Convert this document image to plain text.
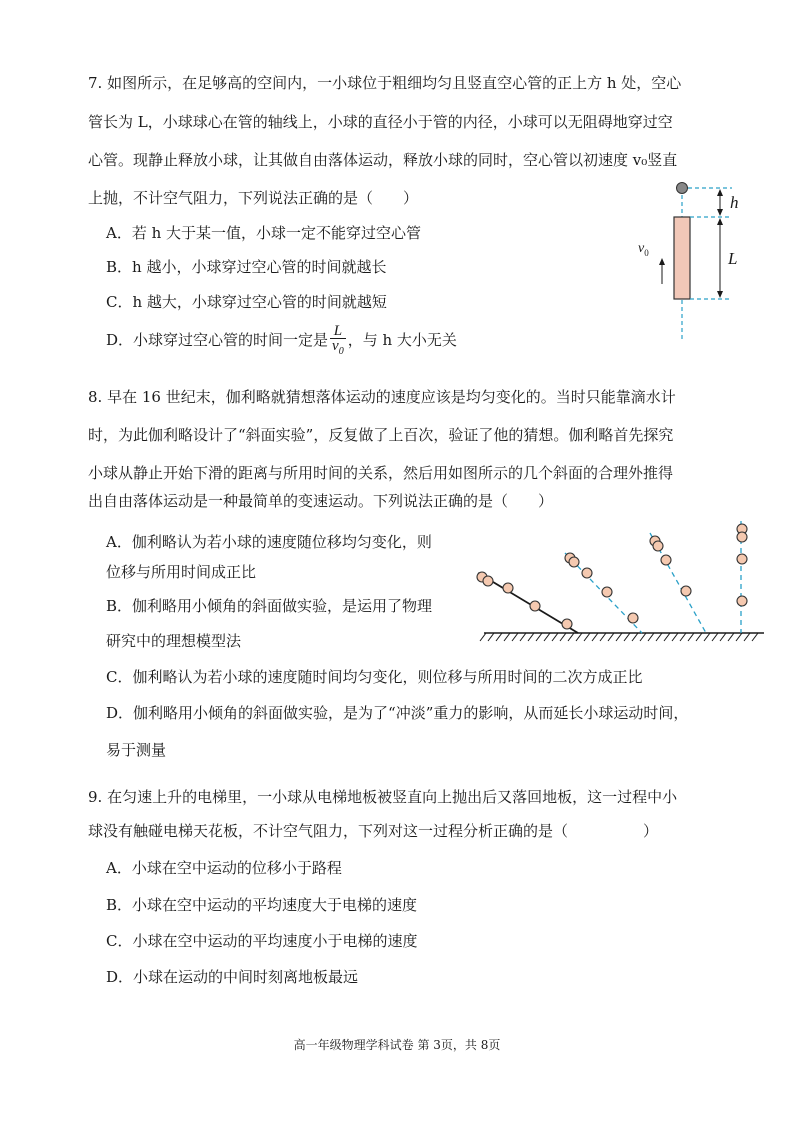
7. 如图所示，在足够高的空间内，一小球位于粗细均匀且竖直空心管的正上方 h 处，空心
管长为 L，小球球心在管的轴线上，小球的直径小于管的内径，小球可以无阻碍地穿过空
心管。现静止释放小球，让其做自由落体运动，释放小球的同时，空心管以初速度 v₀竖直
上抛，不计空气阻力，下列说法正确的是（　　）
A．若 h 大于某一值，小球一定不能穿过空心管
B．h 越小，小球穿过空心管的时间就越长
C．h 越大，小球穿过空心管的时间就越短
D．小球穿过空心管的时间一定是 $\frac{L}{v_0}$ ，与 h 大小无关
h
L
$v_0$
8. 早在 16 世纪末，伽利略就猜想落体运动的速度应该是均匀变化的。当时只能靠滴水计
时，为此伽利略设计了“斜面实验”，反复做了上百次，验证了他的猜想。伽利略首先探究
小球从静止开始下滑的距离与所用时间的关系，然后用如图所示的几个斜面的合理外推得
出自由落体运动是一种最简单的变速运动。下列说法正确的是（　　）
A．伽利略认为若小球的速度随位移均匀变化，则
位移与所用时间成正比
B．伽利略用小倾角的斜面做实验，是运用了物理
研究中的理想模型法
C．伽利略认为若小球的速度随时间均匀变化，则位移与所用时间的二次方成正比
D．伽利略用小倾角的斜面做实验，是为了“冲淡”重力的影响，从而延长小球运动时间，
易于测量
9. 在匀速上升的电梯里，一小球从电梯地板被竖直向上抛出后又落回地板，这一过程中小
球没有触碰电梯天花板，不计空气阻力，下列对这一过程分析正确的是（　　　　　）
A．小球在空中运动的位移小于路程
B．小球在空中运动的平均速度大于电梯的速度
C．小球在空中运动的平均速度小于电梯的速度
D．小球在运动的中间时刻离地板最远
高一年级物理学科试卷 第 3页，共 8页
